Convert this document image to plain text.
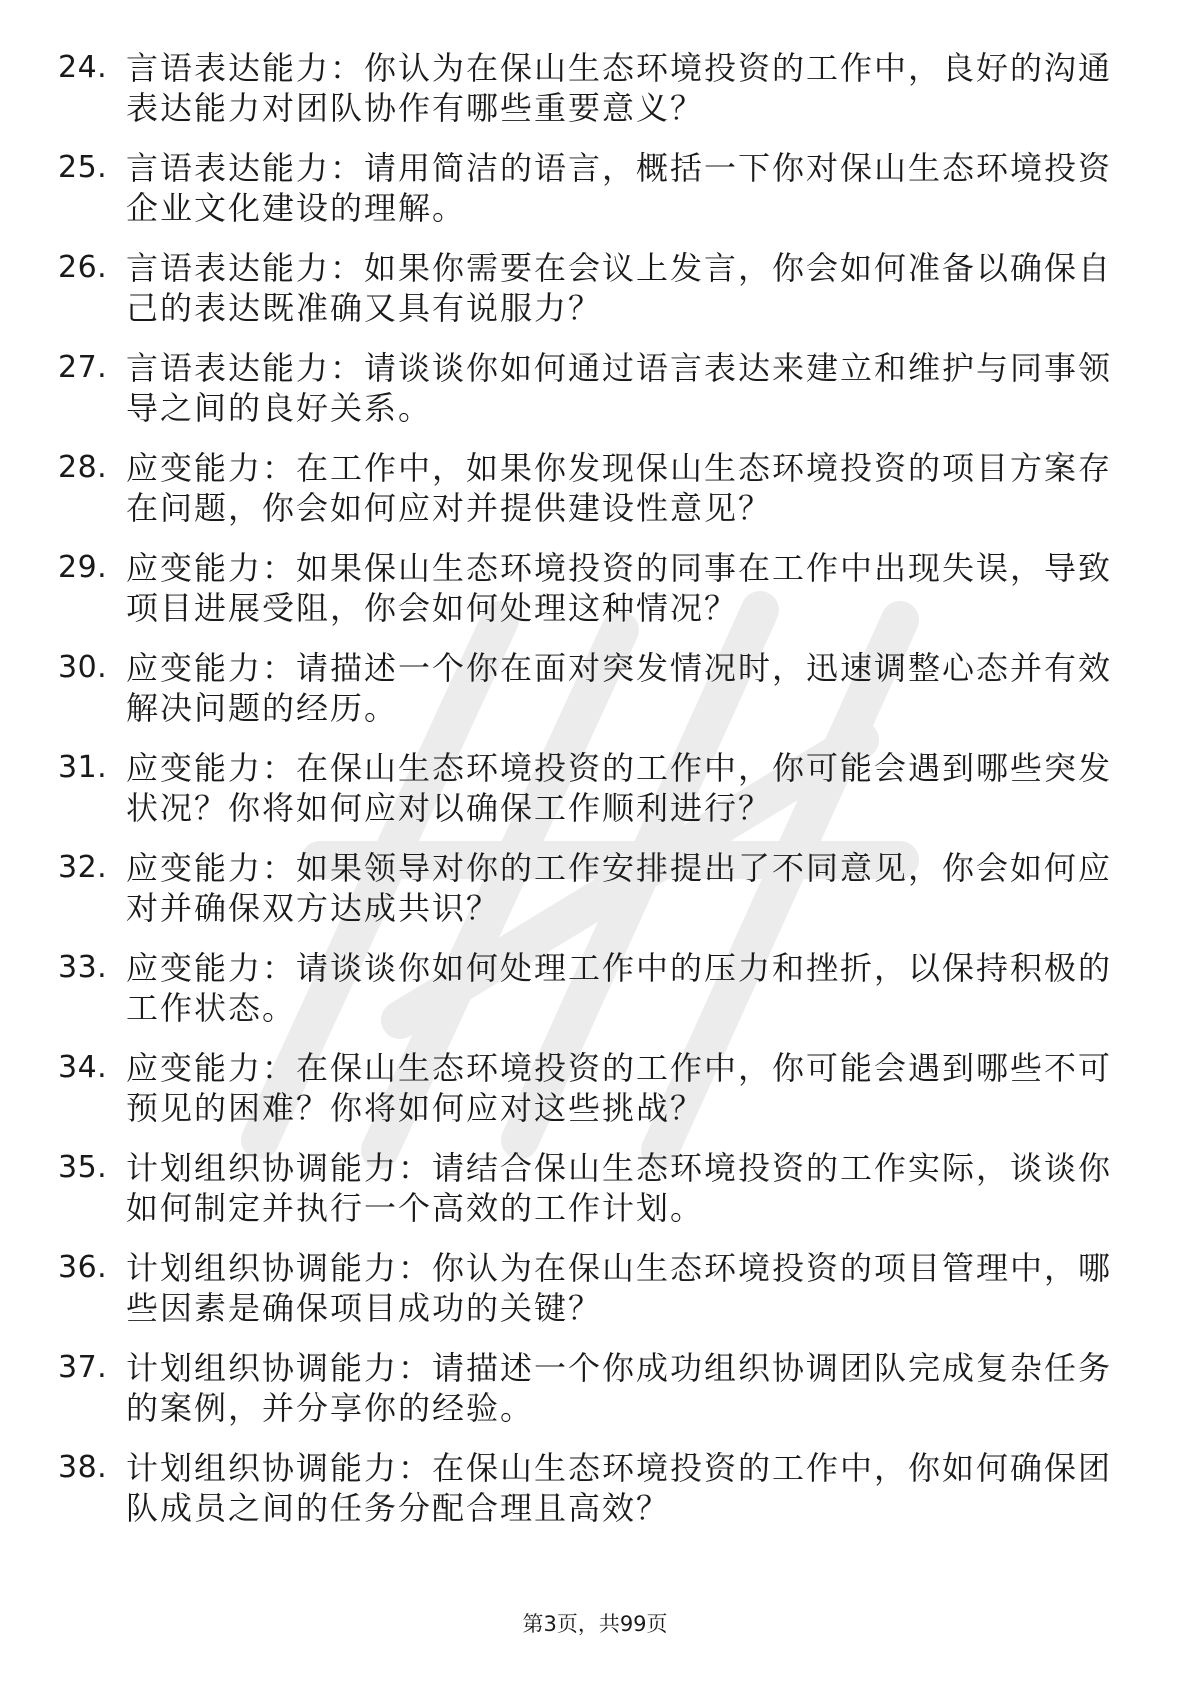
24. 言语表达能力：你认为在保山生态环境投资的工作中，良好的沟通表达能力对团队协作有哪些重要意义？
25. 言语表达能力：请用简洁的语言，概括一下你对保山生态环境投资企业文化建设的理解。
26. 言语表达能力：如果你需要在会议上发言，你会如何准备以确保自己的表达既准确又具有说服力？
27. 言语表达能力：请谈谈你如何通过语言表达来建立和维护与同事领导之间的良好关系。
28. 应变能力：在工作中，如果你发现保山生态环境投资的项目方案存在问题，你会如何应对并提供建设性意见？
29. 应变能力：如果保山生态环境投资的同事在工作中出现失误，导致项目进展受阻，你会如何处理这种情况？
30. 应变能力：请描述一个你在面对突发情况时，迅速调整心态并有效解决问题的经历。
31. 应变能力：在保山生态环境投资的工作中，你可能会遇到哪些突发状况？你将如何应对以确保工作顺利进行？
32. 应变能力：如果领导对你的工作安排提出了不同意见，你会如何应对并确保双方达成共识？
33. 应变能力：请谈谈你如何处理工作中的压力和挫折，以保持积极的工作状态。
34. 应变能力：在保山生态环境投资的工作中，你可能会遇到哪些不可预见的困难？你将如何应对这些挑战？
35. 计划组织协调能力：请结合保山生态环境投资的工作实际，谈谈你如何制定并执行一个高效的工作计划。
36. 计划组织协调能力：你认为在保山生态环境投资的项目管理中，哪些因素是确保项目成功的关键？
37. 计划组织协调能力：请描述一个你成功组织协调团队完成复杂任务的案例，并分享你的经验。
38. 计划组织协调能力：在保山生态环境投资的工作中，你如何确保团队成员之间的任务分配合理且高效？
第3页，共99页
